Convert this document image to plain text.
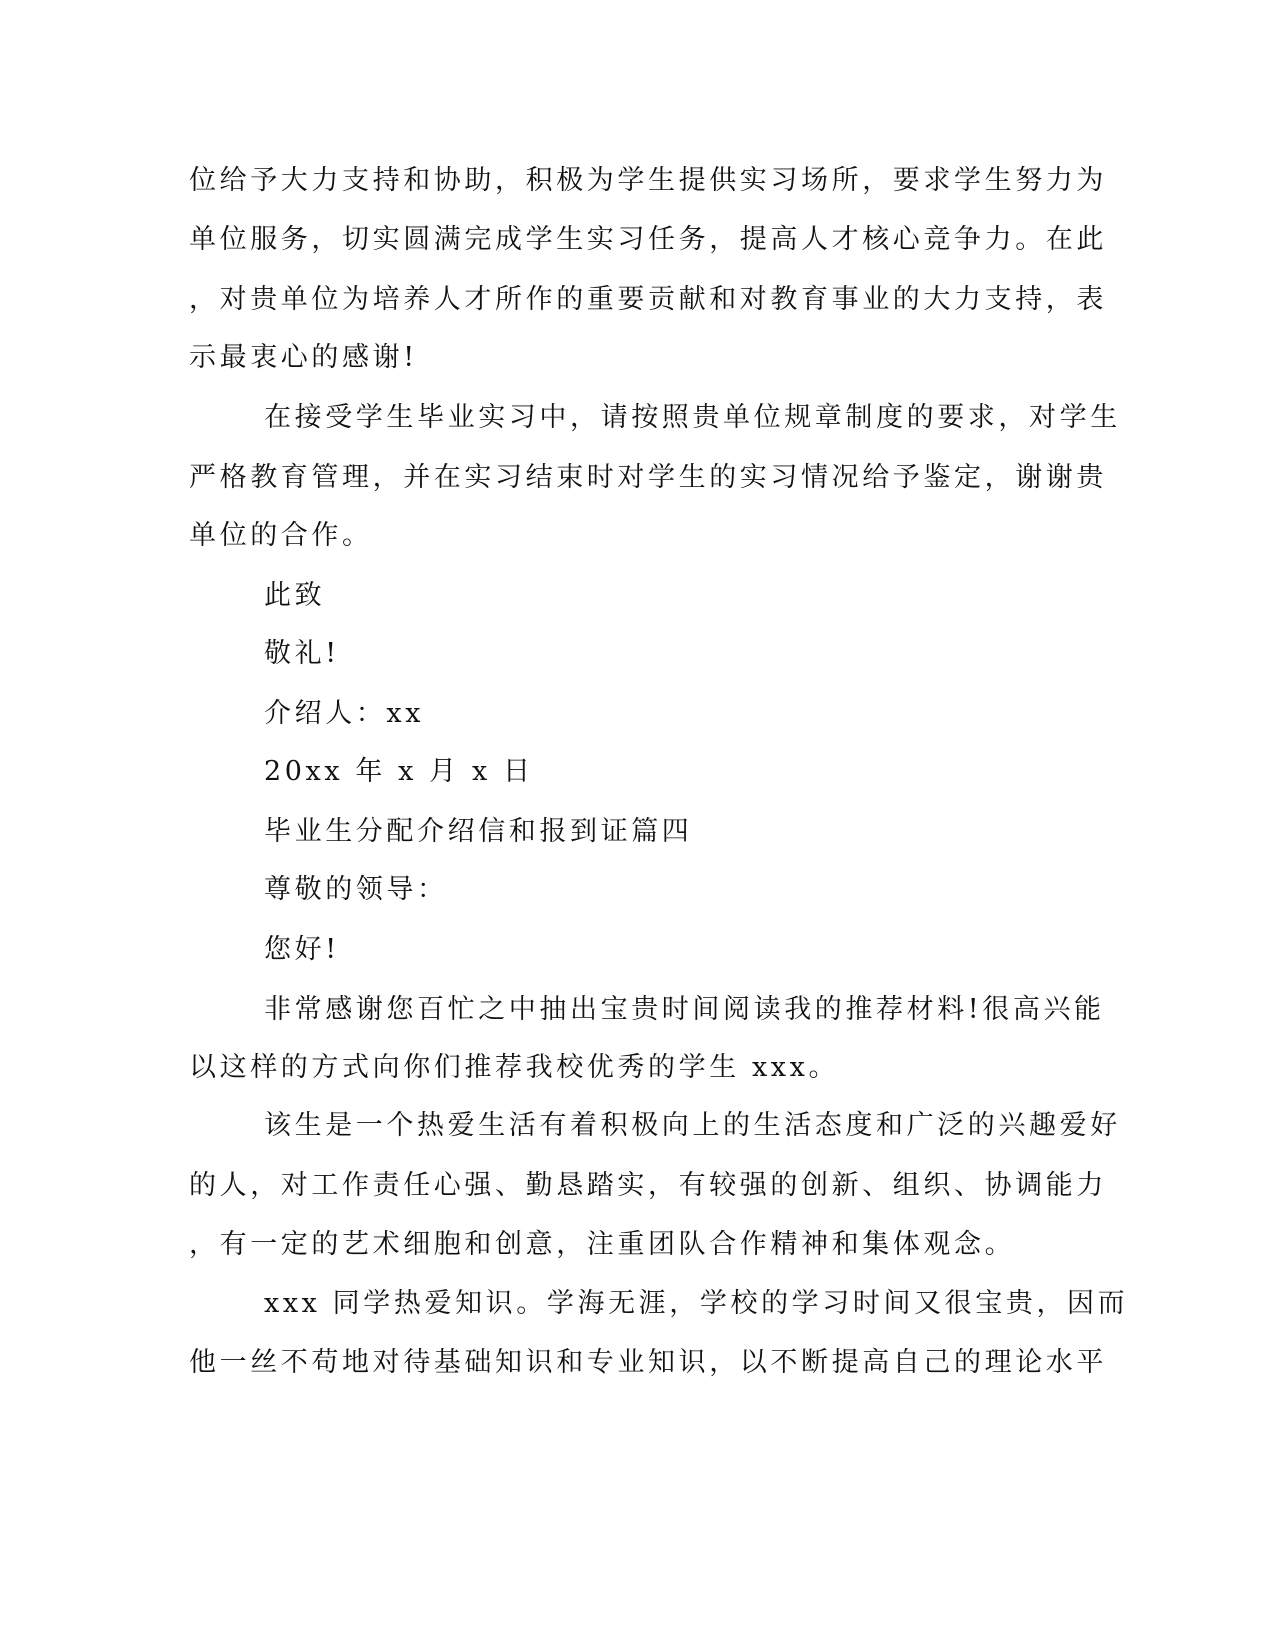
位给予大力支持和协助，积极为学生提供实习场所，要求学生努力为
单位服务，切实圆满完成学生实习任务，提高人才核心竞争力。在此
，对贵单位为培养人才所作的重要贡献和对教育事业的大力支持，表
示最衷心的感谢!
在接受学生毕业实习中，请按照贵单位规章制度的要求，对学生
严格教育管理，并在实习结束时对学生的实习情况给予鉴定，谢谢贵
单位的合作。
此致
敬礼!
介绍人：xx
20xx 年 x 月 x 日
毕业生分配介绍信和报到证篇四
尊敬的领导：
您好!
非常感谢您百忙之中抽出宝贵时间阅读我的推荐材料!很高兴能
以这样的方式向你们推荐我校优秀的学生 xxx。
该生是一个热爱生活有着积极向上的生活态度和广泛的兴趣爱好
的人，对工作责任心强、勤恳踏实，有较强的创新、组织、协调能力
，有一定的艺术细胞和创意，注重团队合作精神和集体观念。
xxx 同学热爱知识。学海无涯，学校的学习时间又很宝贵，因而
他一丝不苟地对待基础知识和专业知识，以不断提高自己的理论水平
